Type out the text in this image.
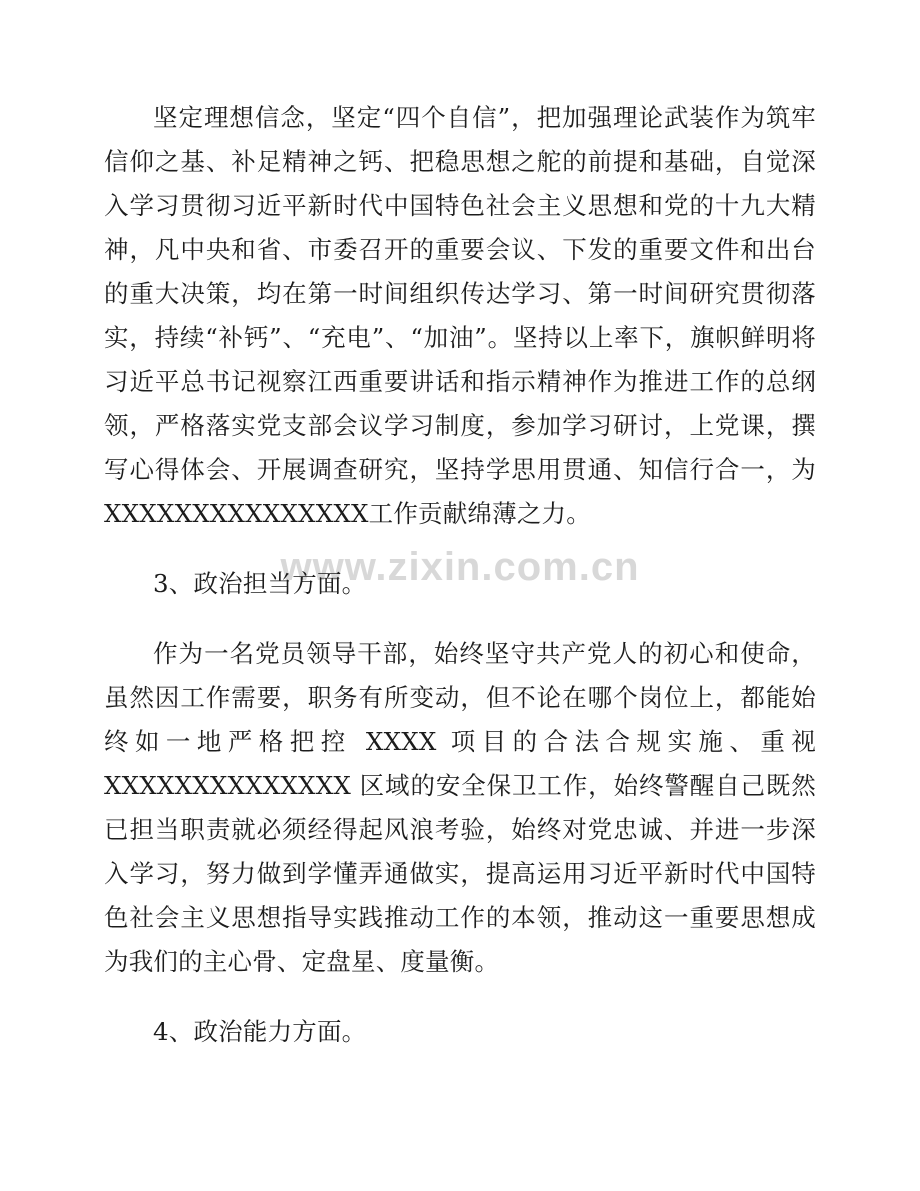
www.zixin.com.cn

坚定理想信念，坚定“四个自信”，把加强理论武装作为筑牢信仰之基、补足精神之钙、把稳思想之舵的前提和基础，自觉深入学习贯彻习近平新时代中国特色社会主义思想和党的十九大精神，凡中央和省、市委召开的重要会议、下发的重要文件和出台的重大决策，均在第一时间组织传达学习、第一时间研究贯彻落实，持续“补钙”、“充电”、“加油”。坚持以上率下，旗帜鲜明将习近平总书记视察江西重要讲话和指示精神作为推进工作的总纲领，严格落实党支部会议学习制度，参加学习研讨，上党课，撰写心得体会、开展调查研究，坚持学思用贯通、知信行合一，为XXXXXXXXXXXXXXX工作贡献绵薄之力。

3、政治担当方面。

作为一名党员领导干部，始终坚守共产党人的初心和使命，虽然因工作需要，职务有所变动，但不论在哪个岗位上，都能始终如一地严格把控 XXXX 项目的合法合规实施、重视 XXXXXXXXXXXXXX 区域的安全保卫工作，始终警醒自己既然已担当职责就必须经得起风浪考验，始终对党忠诚、并进一步深入学习，努力做到学懂弄通做实，提高运用习近平新时代中国特色社会主义思想指导实践推动工作的本领，推动这一重要思想成为我们的主心骨、定盘星、度量衡。

4、政治能力方面。
